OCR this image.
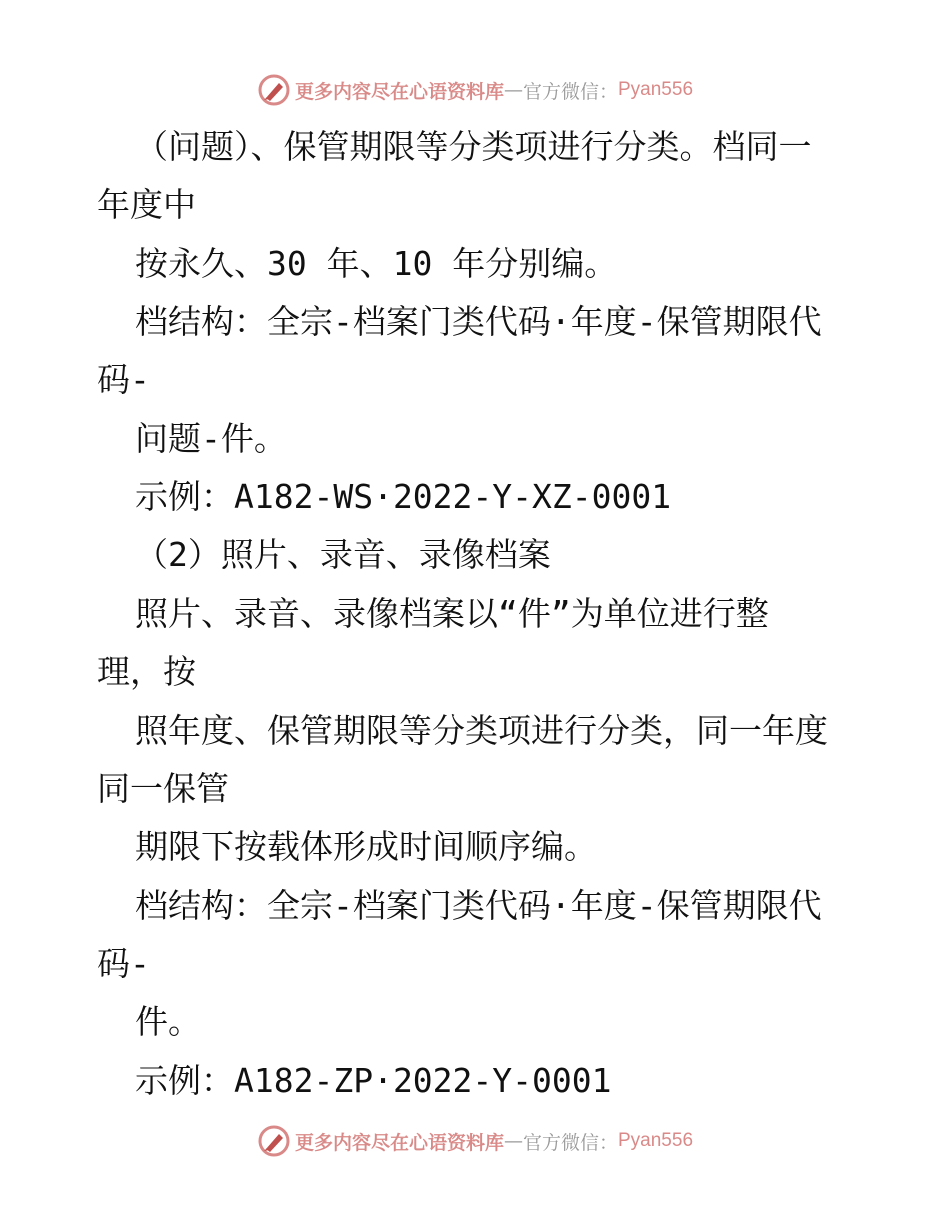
更多内容尽在心语资料库 — 官方微信： Pyan556
（问题）、保管期限等分类项进行分类。档同一
年度中
按永久、30 年、10 年分别编。
档结构：全宗-档案门类代码·年度-保管期限代
码-
问题-件。
示例：A182-WS·2022-Y-XZ-0001
（2）照片、录音、录像档案
照片、录音、录像档案以“件”为单位进行整
理，按
照年度、保管期限等分类项进行分类，同一年度
同一保管
期限下按载体形成时间顺序编。
档结构：全宗-档案门类代码·年度-保管期限代
码-
件。
示例：A182-ZP·2022-Y-0001
更多内容尽在心语资料库 — 官方微信： Pyan556
